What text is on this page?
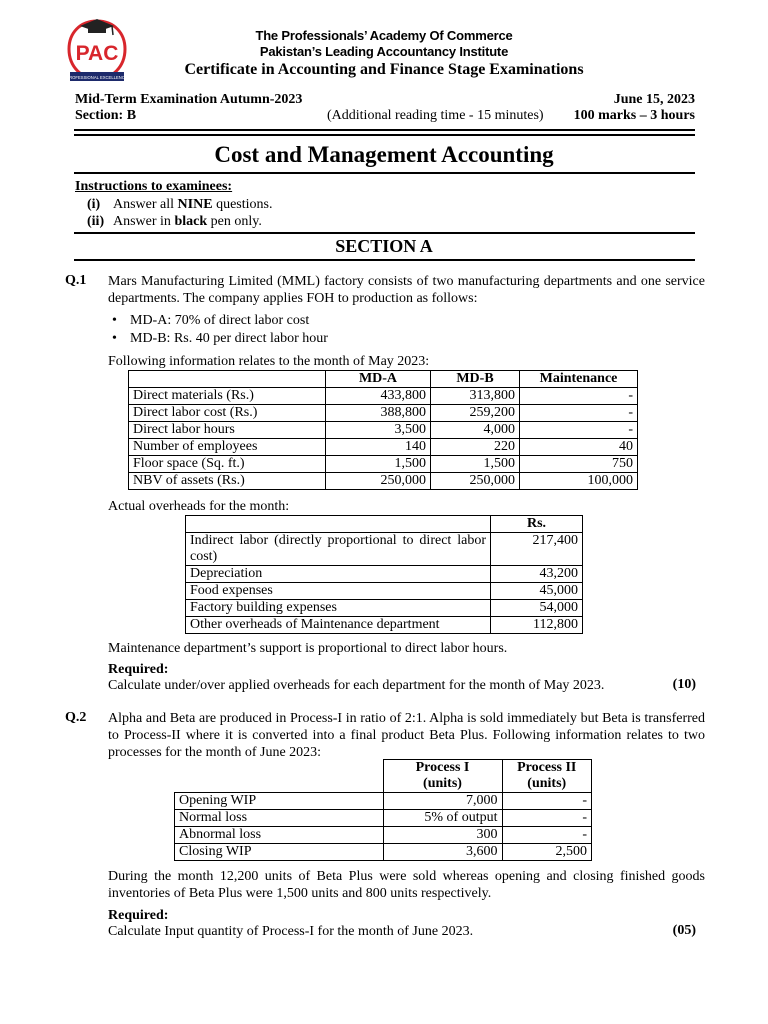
PAC
PROFESSIONAL EXCELLENCE
The Professionals’ Academy Of Commerce
Pakistan’s Leading Accountancy Institute
Certificate in Accounting and Finance Stage Examinations
Mid-Term Examination Autumn-2023	June 15, 2023
Section: B	(Additional reading time - 15 minutes) 100 marks – 3 hours
Cost and Management Accounting
Instructions to examinees:
(i) Answer all NINE questions.
(ii) Answer in black pen only.
SECTION A
Q.1 Mars Manufacturing Limited (MML) factory consists of two manufacturing departments and one service departments. The company applies FOH to production as follows:
• MD-A: 70% of direct labor cost
• MD-B: Rs. 40 per direct labor hour
Following information relates to the month of May 2023:
	MD-A	MD-B	Maintenance
Direct materials (Rs.)	433,800	313,800	-
Direct labor cost (Rs.)	388,800	259,200	-
Direct labor hours	3,500	4,000	-
Number of employees	140	220	40
Floor space (Sq. ft.)	1,500	1,500	750
NBV of assets (Rs.)	250,000	250,000	100,000
Actual overheads for the month:
	Rs.
Indirect labor (directly proportional to direct labor cost)	217,400
Depreciation	43,200
Food expenses	45,000
Factory building expenses	54,000
Other overheads of Maintenance department	112,800
Maintenance department’s support is proportional to direct labor hours.
Required:
Calculate under/over applied overheads for each department for the month of May 2023.	(10)
Q.2 Alpha and Beta are produced in Process-I in ratio of 2:1. Alpha is sold immediately but Beta is transferred to Process-II where it is converted into a final product Beta Plus. Following information relates to two processes for the month of June 2023:
	Process I	Process II
	(units)	(units)
Opening WIP	7,000	-
Normal loss	5% of output	-
Abnormal loss	300	-
Closing WIP	3,600	2,500
During the month 12,200 units of Beta Plus were sold whereas opening and closing finished goods inventories of Beta Plus were 1,500 units and 800 units respectively.
Required:
Calculate Input quantity of Process-I for the month of June 2023.	(05)
